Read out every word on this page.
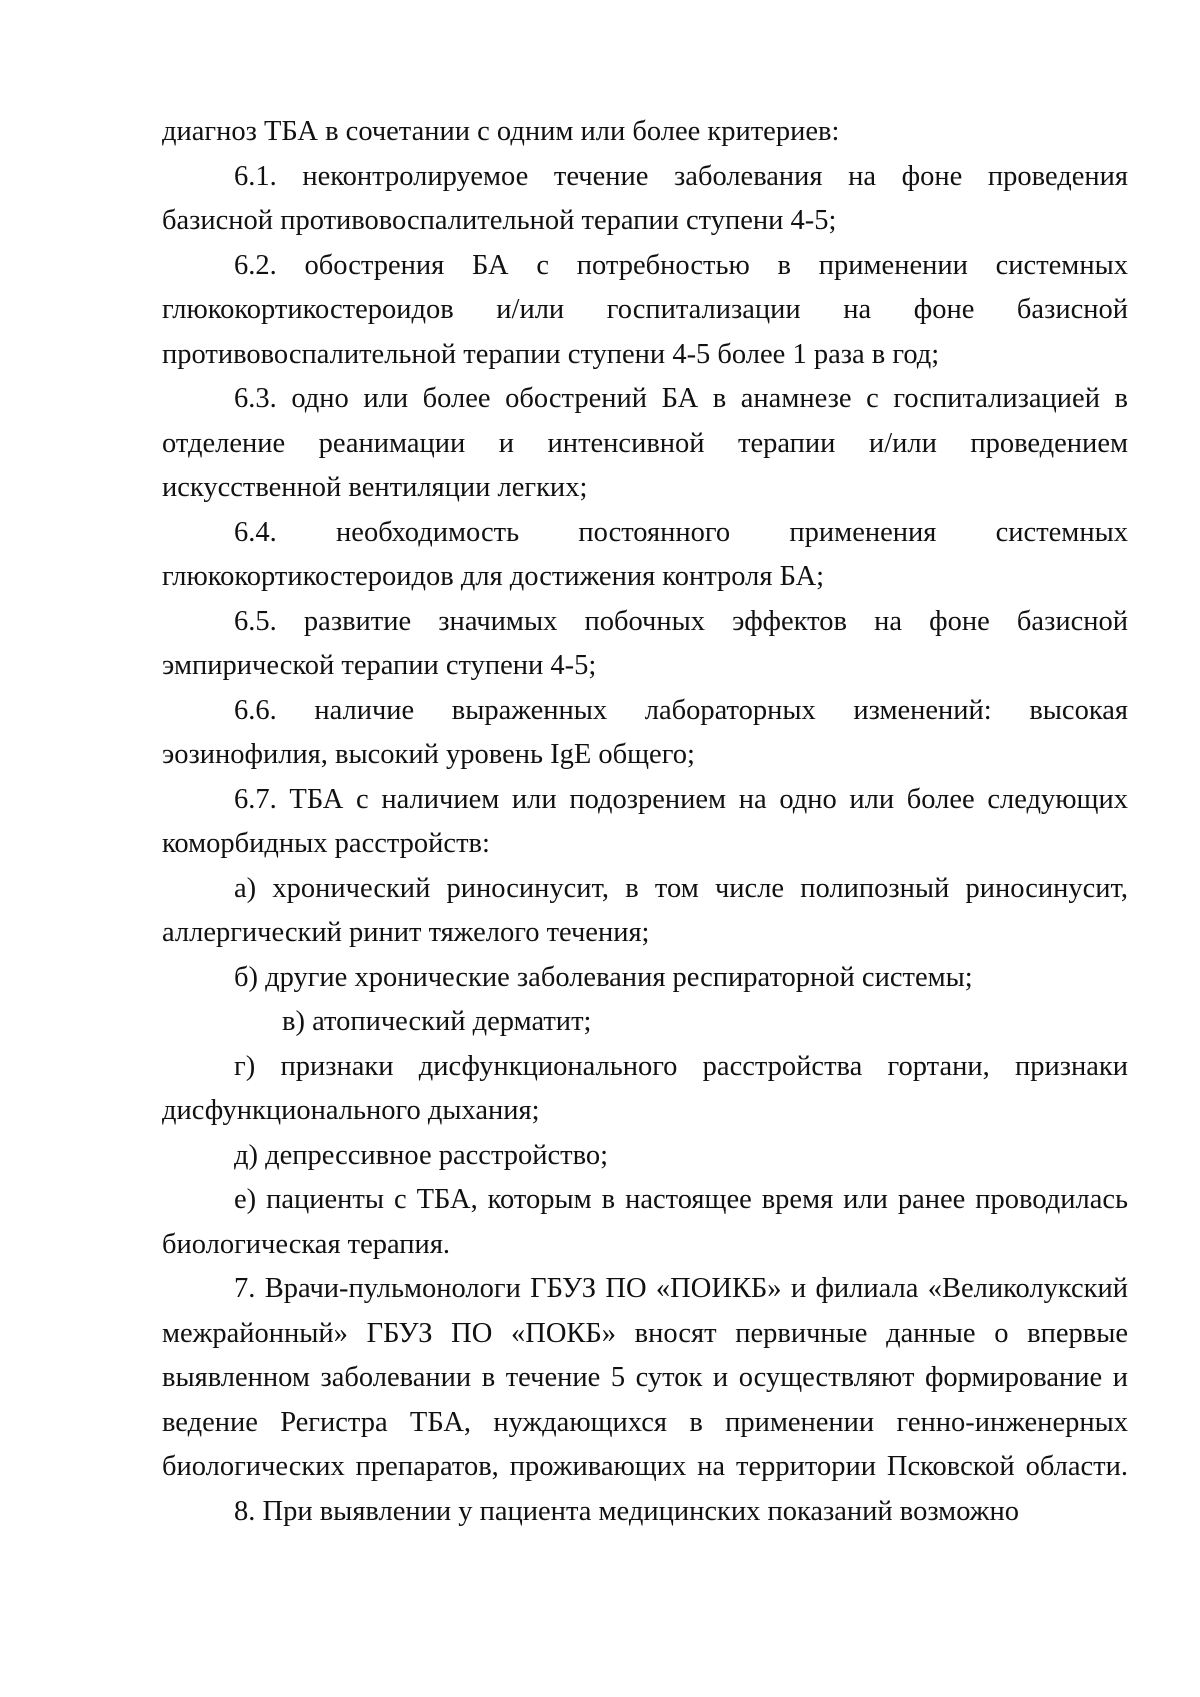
диагноз ТБА в сочетании с одним или более критериев:

6.1. неконтролируемое течение заболевания на фоне проведения базисной противовоспалительной терапии ступени 4-5;

6.2. обострения БА с потребностью в применении системных глюкокортикостероидов и/или госпитализации на фоне базисной противовоспалительной терапии ступени 4-5 более 1 раза в год;

6.3. одно или более обострений БА в анамнезе с госпитализацией в отделение реанимации и интенсивной терапии и/или проведением искусственной вентиляции легких;

6.4. необходимость постоянного применения системных глюкокортикостероидов для достижения контроля БА;

6.5. развитие значимых побочных эффектов на фоне базисной эмпирической терапии ступени 4-5;

6.6. наличие выраженных лабораторных изменений: высокая эозинофилия, высокий уровень IgE общего;

6.7. ТБА с наличием или подозрением на одно или более следующих коморбидных расстройств:

а) хронический риносинусит, в том числе полипозный риносинусит, аллергический ринит тяжелого течения;

б) другие хронические заболевания респираторной системы;

в) атопический дерматит;

г) признаки дисфункционального расстройства гортани, признаки дисфункционального дыхания;

д) депрессивное расстройство;

е) пациенты с ТБА, которым в настоящее время или ранее проводилась биологическая терапия.

7. Врачи-пульмонологи ГБУЗ ПО «ПОИКБ» и филиала «Великолукский межрайонный» ГБУЗ ПО «ПОКБ» вносят первичные данные о впервые выявленном заболевании в течение 5 суток и осуществляют формирование и ведение Регистра ТБА, нуждающихся в применении генно-инженерных биологических препаратов, проживающих на территории Псковской области.

8. При выявлении у пациента медицинских показаний возможно
